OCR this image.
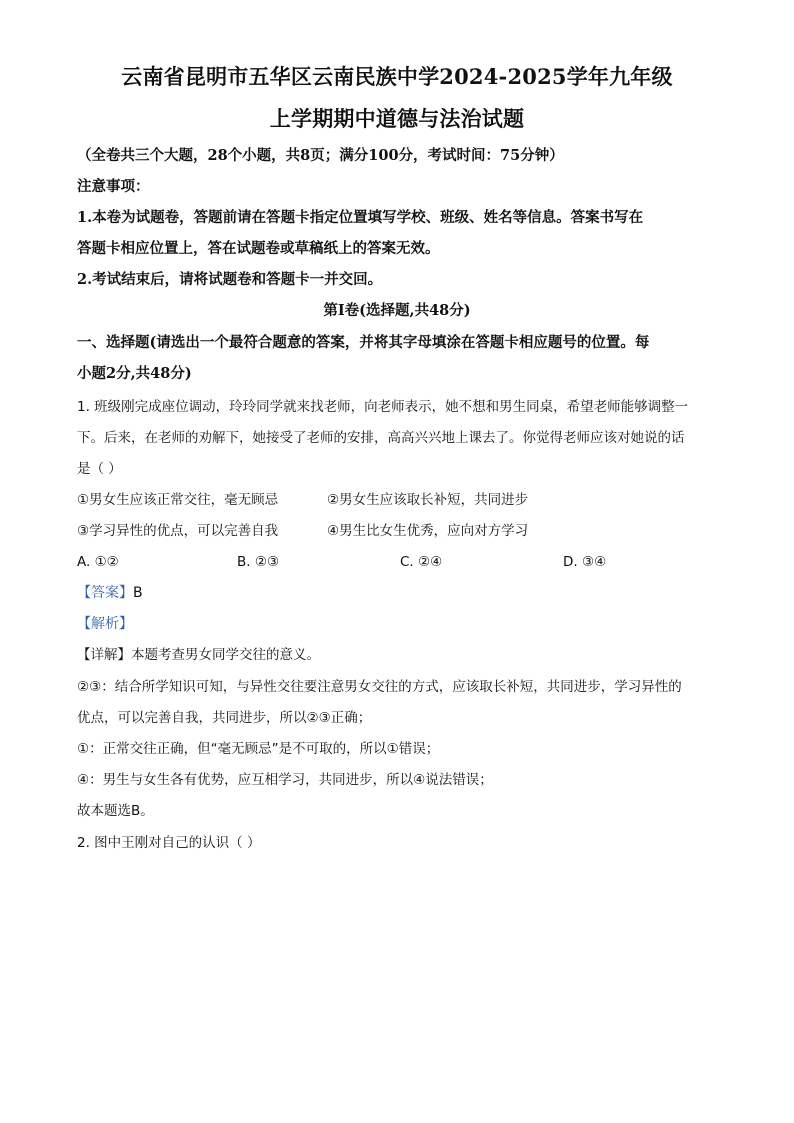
云南省昆明市五华区云南民族中学2024-2025学年九年级
上学期期中道德与法治试题
（全卷共三个大题，28个小题，共8页；满分100分，考试时间：75分钟）
注意事项：
1.本卷为试题卷，答题前请在答题卡指定位置填写学校、班级、姓名等信息。答案书写在
答题卡相应位置上，答在试题卷或草稿纸上的答案无效。
2.考试结束后，请将试题卷和答题卡一并交回。
第Ⅰ卷(选择题,共48分)
一、选择题(请选出一个最符合题意的答案，并将其字母填涂在答题卡相应题号的位置。每
小题2分,共48分)
1. 班级刚完成座位调动，玲玲同学就来找老师，向老师表示，她不想和男生同桌，希望老师能够调整一
下。后来，在老师的劝解下，她接受了老师的安排，高高兴兴地上课去了。你觉得老师应该对她说的话
是（ ）
①男女生应该正常交往，毫无顾忌	②男女生应该取长补短，共同进步
③学习异性的优点，可以完善自我	④男生比女生优秀，应向对方学习
A. ①②	B. ②③	C. ②④	D. ③④
【答案】B
【解析】
【详解】本题考查男女同学交往的意义。
②③：结合所学知识可知，与异性交往要注意男女交往的方式，应该取长补短，共同进步，学习异性的
优点，可以完善自我，共同进步，所以②③正确；
①：正常交往正确，但“毫无顾忌”是不可取的，所以①错误；
④：男生与女生各有优势，应互相学习，共同进步，所以④说法错误；
故本题选B。
2. 图中王刚对自己的认识（ ）
